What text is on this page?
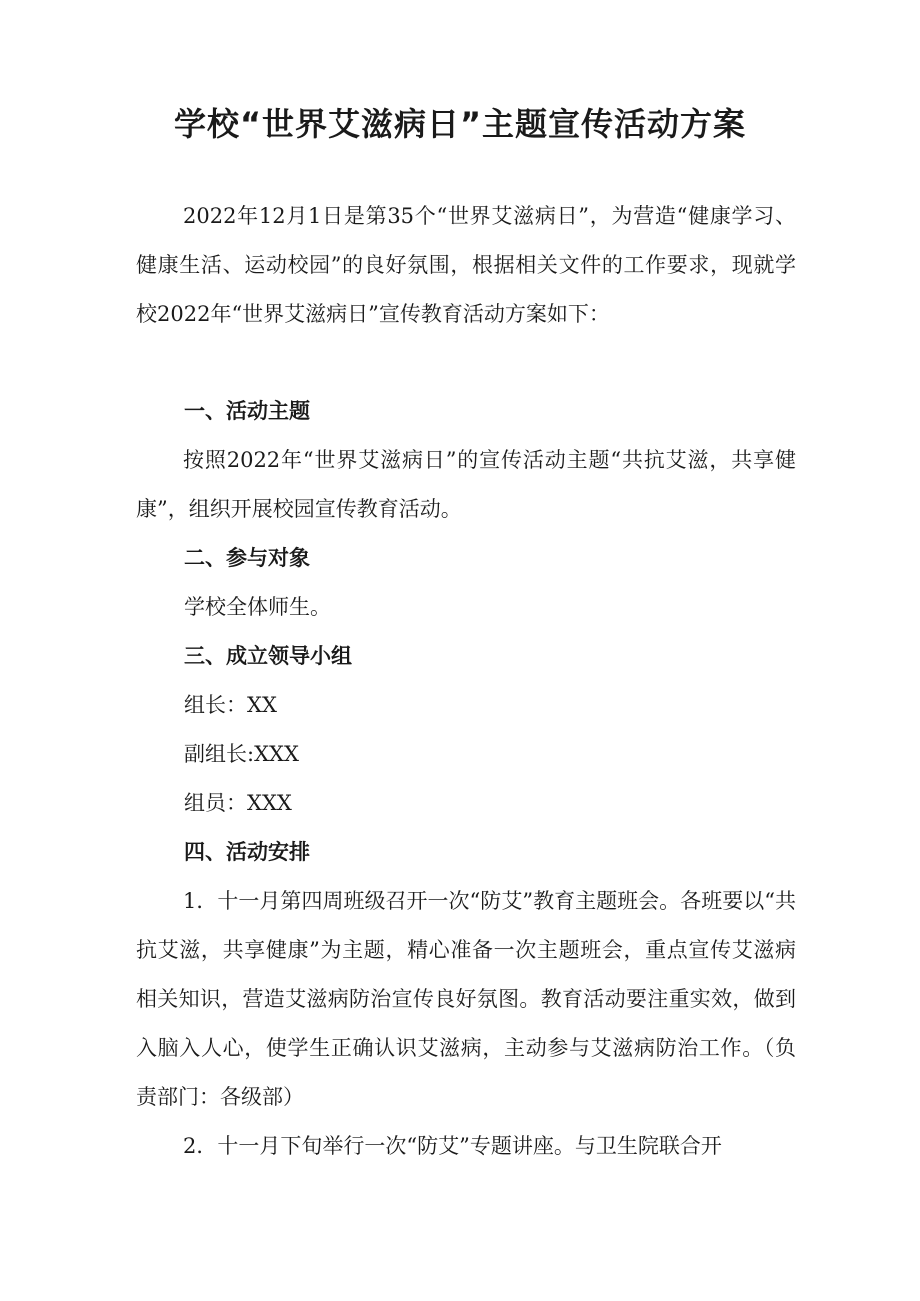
学校“世界艾滋病日”主题宣传活动方案

2022年12月1日是第35个“世界艾滋病日”，为营造“健康学习、健康生活、运动校园”的良好氛围，根据相关文件的工作要求，现就学校2022年“世界艾滋病日”宣传教育活动方案如下：

一、活动主题

按照2022年“世界艾滋病日”的宣传活动主题“共抗艾滋，共享健康”，组织开展校园宣传教育活动。

二、参与对象

学校全体师生。

三、成立领导小组

组长：XX

副组长:XXX

组员：XXX

四、活动安排

1．十一月第四周班级召开一次“防艾”教育主题班会。各班要以“共抗艾滋，共享健康”为主题，精心准备一次主题班会，重点宣传艾滋病相关知识，营造艾滋病防治宣传良好氛图。教育活动要注重实效，做到入脑入人心，使学生正确认识艾滋病，主动参与艾滋病防治工作。（负责部门：各级部）

2．十一月下旬举行一次“防艾”专题讲座。与卫生院联合开
